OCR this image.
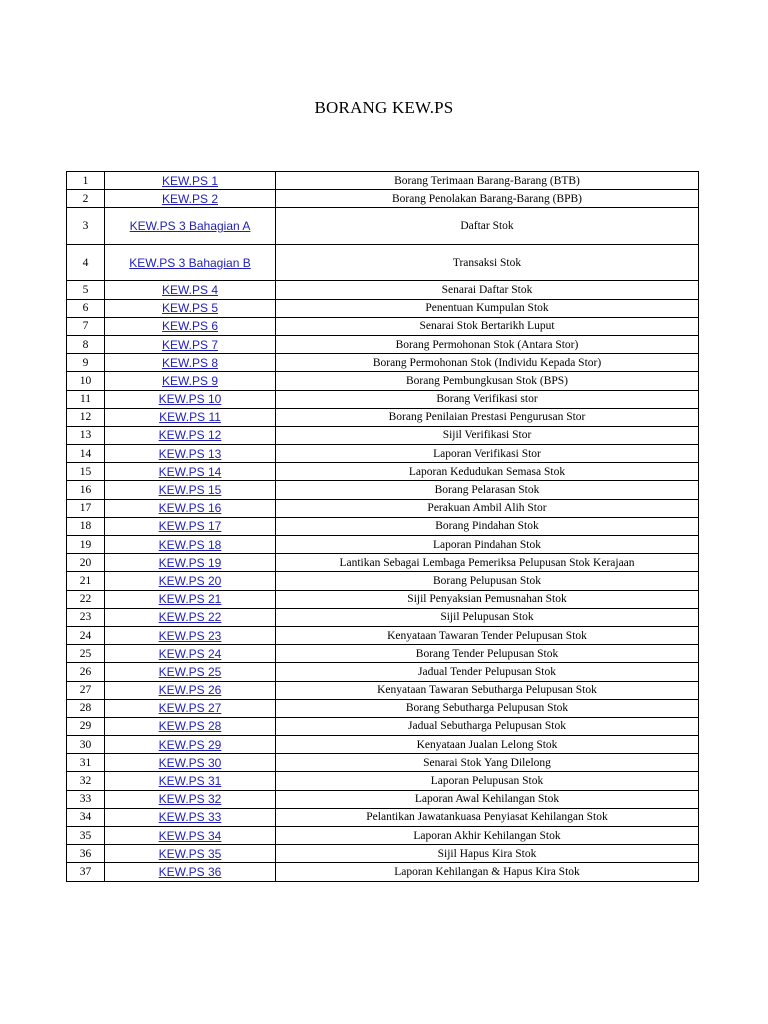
BORANG KEW.PS
1	KEW.PS 1	Borang Terimaan Barang-Barang (BTB)
2	KEW.PS 2	Borang Penolakan Barang-Barang (BPB)
3	KEW.PS 3 Bahagian A	Daftar Stok
4	KEW.PS 3 Bahagian B	Transaksi Stok
5	KEW.PS 4	Senarai Daftar Stok
6	KEW.PS 5	Penentuan Kumpulan Stok
7	KEW.PS 6	Senarai Stok Bertarikh Luput
8	KEW.PS 7	Borang Permohonan Stok (Antara Stor)
9	KEW.PS 8	Borang Permohonan Stok (Individu Kepada Stor)
10	KEW.PS 9	Borang Pembungkusan Stok (BPS)
11	KEW.PS 10	Borang Verifikasi stor
12	KEW.PS 11	Borang Penilaian Prestasi Pengurusan Stor
13	KEW.PS 12	Sijil Verifikasi Stor
14	KEW.PS 13	Laporan Verifikasi Stor
15	KEW.PS 14	Laporan Kedudukan Semasa Stok
16	KEW.PS 15	Borang Pelarasan Stok
17	KEW.PS 16	Perakuan Ambil Alih Stor
18	KEW.PS 17	Borang Pindahan Stok
19	KEW.PS 18	Laporan Pindahan Stok
20	KEW.PS 19	Lantikan Sebagai Lembaga Pemeriksa Pelupusan Stok Kerajaan
21	KEW.PS 20	Borang Pelupusan Stok
22	KEW.PS 21	Sijil Penyaksian Pemusnahan Stok
23	KEW.PS 22	Sijil Pelupusan Stok
24	KEW.PS 23	Kenyataan Tawaran Tender Pelupusan Stok
25	KEW.PS 24	Borang Tender Pelupusan Stok
26	KEW.PS 25	Jadual Tender Pelupusan Stok
27	KEW.PS 26	Kenyataan Tawaran Sebutharga Pelupusan Stok
28	KEW.PS 27	Borang Sebutharga Pelupusan Stok
29	KEW.PS 28	Jadual Sebutharga Pelupusan Stok
30	KEW.PS 29	Kenyataan Jualan Lelong Stok
31	KEW.PS 30	Senarai Stok Yang Dilelong
32	KEW.PS 31	Laporan Pelupusan Stok
33	KEW.PS 32	Laporan Awal Kehilangan Stok
34	KEW.PS 33	Pelantikan Jawatankuasa Penyiasat Kehilangan Stok
35	KEW.PS 34	Laporan Akhir Kehilangan Stok
36	KEW.PS 35	Sijil Hapus Kira Stok
37	KEW.PS 36	Laporan Kehilangan & Hapus Kira Stok
